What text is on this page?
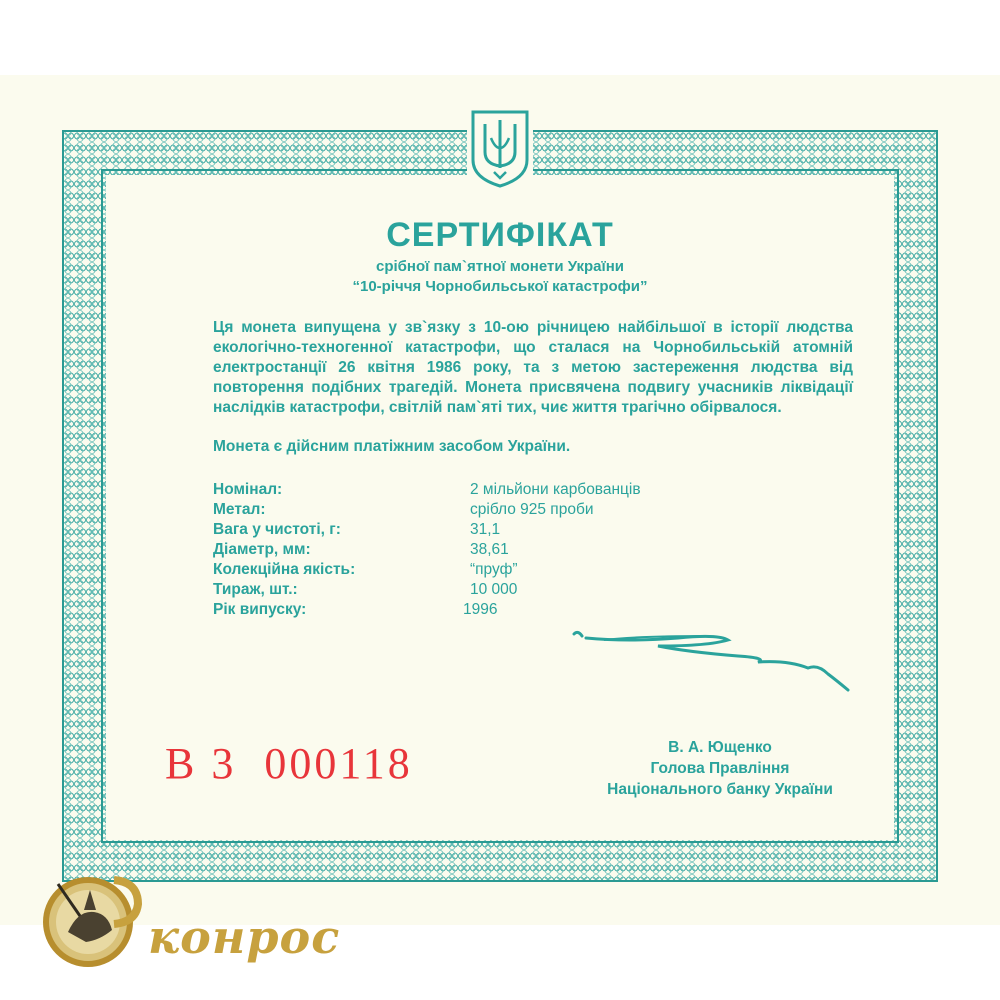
СЕРТИФІКАТ
срібної пам`ятної монети України
“10-річчя Чорнобильської катастрофи”

Ця монета випущена у зв`язку з 10-ою річницею найбільшої в історії людства екологічно-техногенної катастрофи, що сталася на Чорнобильській атомній електростанції 26 квітня 1986 року, та з метою застереження людства від повторення подібних трагедій. Монета присвячена подвигу учасників ліквідації наслідків катастрофи, світлій пам`яті тих, чиє життя трагічно обірвалося.

Монета є дійсним платіжним засобом України.
Номінал:	2 мільйони карбованців
Метал:	срібло 925 проби
Вага у чистоті, г:	31,1
Діаметр, мм:	38,61
Колекційна якість:	“пруф”
Тираж, шт.:	10 000
Рік випуску:	1996
В 3  000118	В. А. Ющенко
Голова Правління
Національного банку України
конрос
